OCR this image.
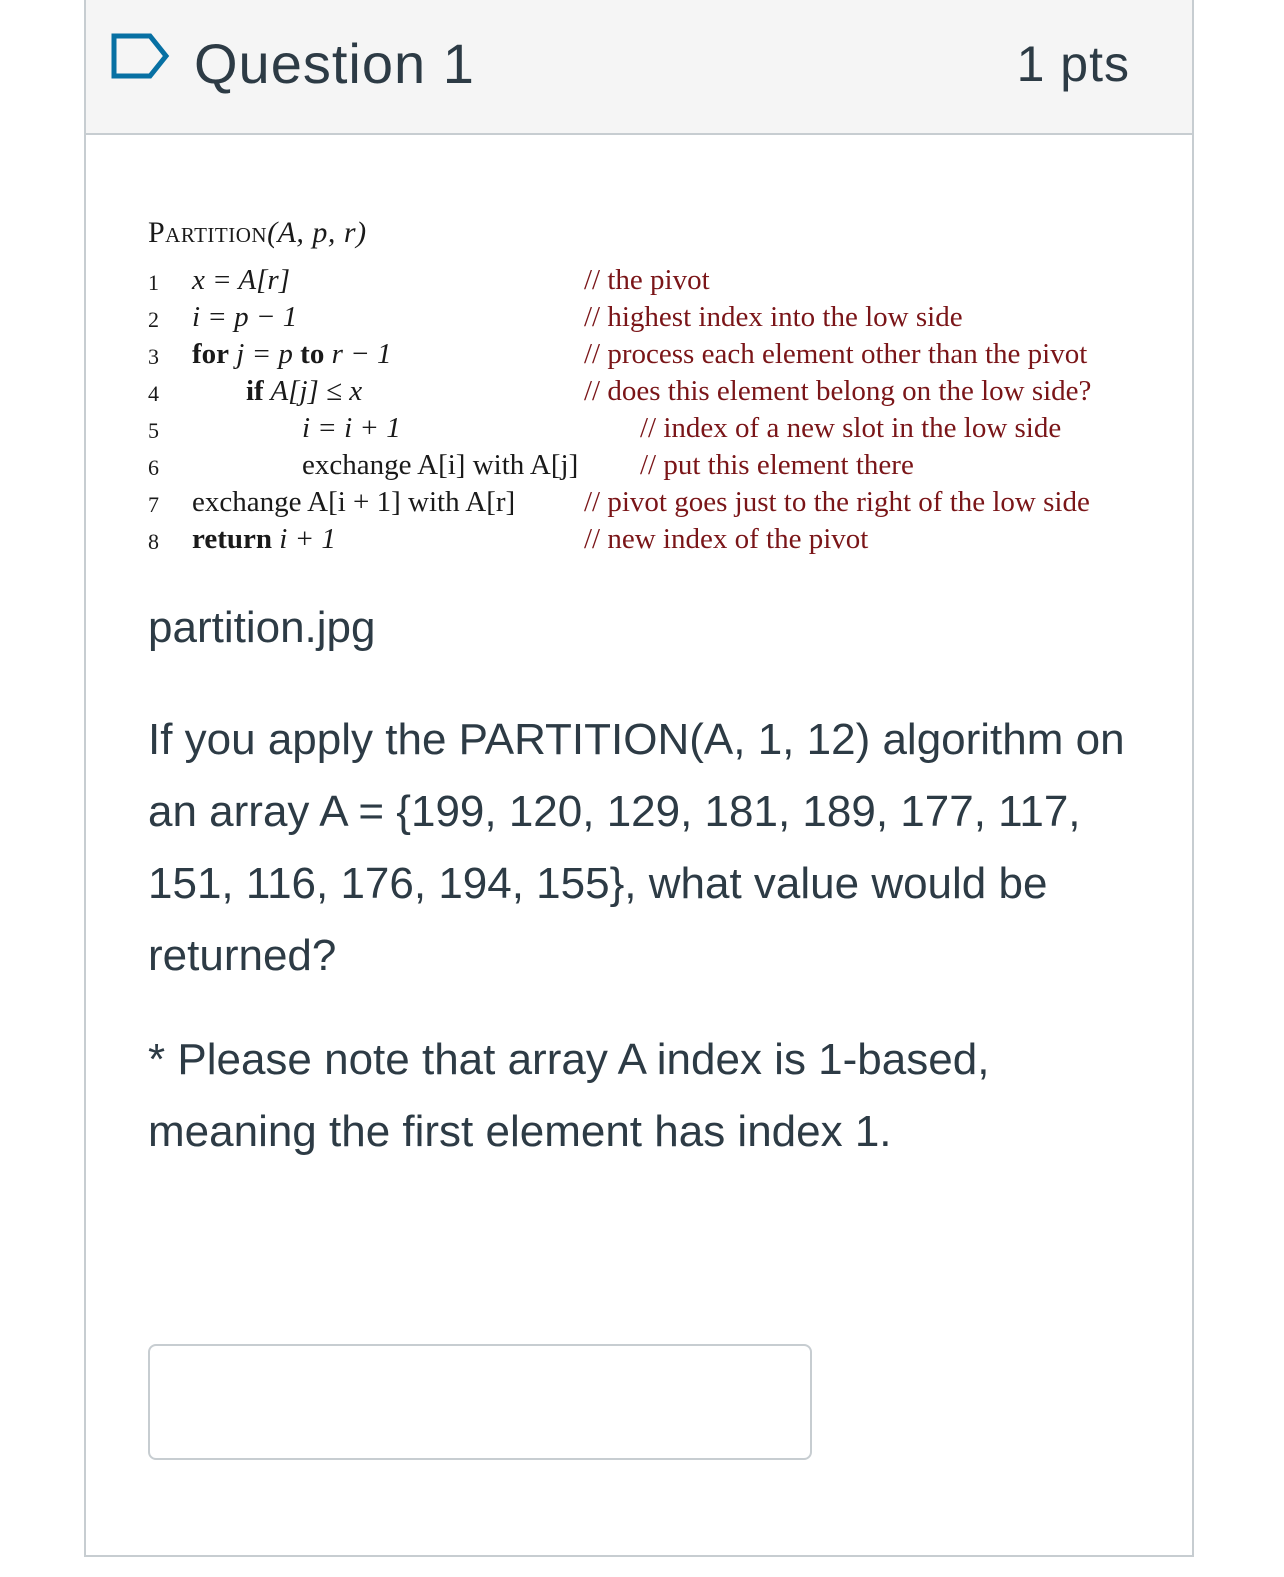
Question 1	1 pts
Partition(A, p, r)
1	x = A[r]	// the pivot
2	i = p − 1	// highest index into the low side
3	for j = p to r − 1	// process each element other than the pivot
4	if A[j] ≤ x	// does this element belong on the low side?
5	i = i + 1	// index of a new slot in the low side
6	exchange A[i] with A[j] // put this element there
7	exchange A[i + 1] with A[r] // pivot goes just to the right of the low side
8	return i + 1	// new index of the pivot
partition.jpg
If you apply the PARTITION(A, 1, 12) algorithm on an array A = {199, 120, 129, 181, 189, 177, 117, 151, 116, 176, 194, 155}, what value would be returned?
* Please note that array A index is 1-based, meaning the first element has index 1.
